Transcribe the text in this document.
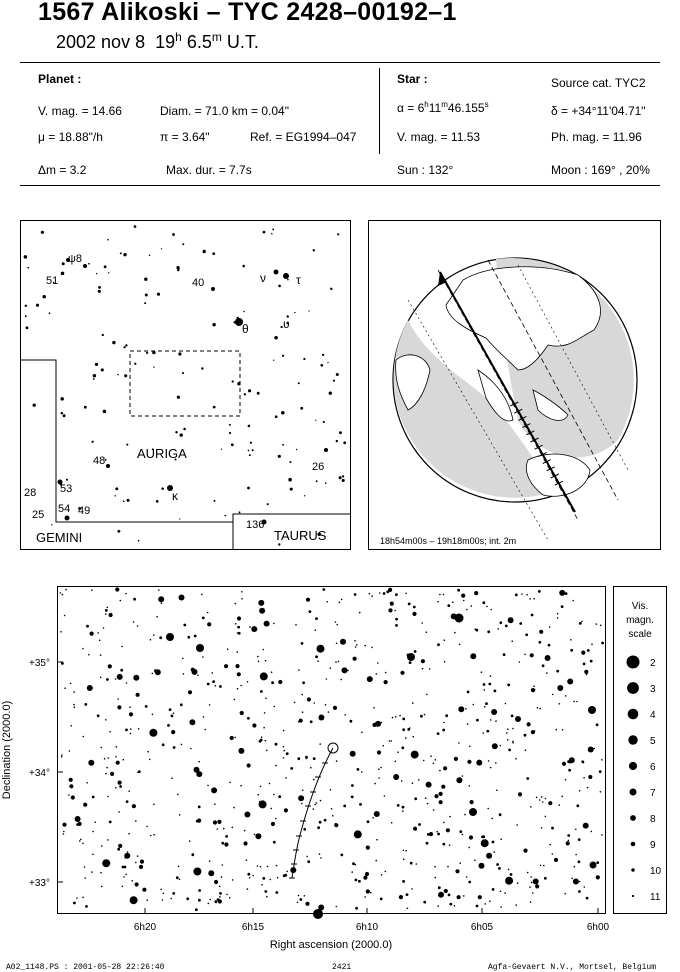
1567 Alikoski – TYC 2428–00192–1
2002 nov 8 19$^h$ 6.5$^m$ U.T.
Planet :
V. mag. = 14.66	Diam. = 71.0 km = 0.04"
μ = 18.88"/h	π = 3.64"	Ref. = EG1994–047
Δm = 3.2	Max. dur. = 7.7s
Star :	Source cat. TYC2
$\alpha = 6^h11^m46.155^s$	δ = +34°11'04.71"
V. mag. = 11.53	Ph. mag. = 11.96
Sun : 132°	Moon : 169° , 20%
ψ8
51	40	ν	τ
θ	υ
48 AURIGA
26
28 53
25 54 49
κ
136
GEMINI	TAURUS	18h54m00s – 19h18m00s; int. 2m
6h20	6h15	6h10	6h05	6h00
+35°
+34°
+33°
Right ascension (2000.0)
Declination (2000.0)
Vis.
magn.
scale
2
3
4
5
6
7
8
9
10
11
A02_1148.PS : 2001-05-28 22:26:40	2421	Agfa-Gevaert N.V., Mortsel, Belgium
